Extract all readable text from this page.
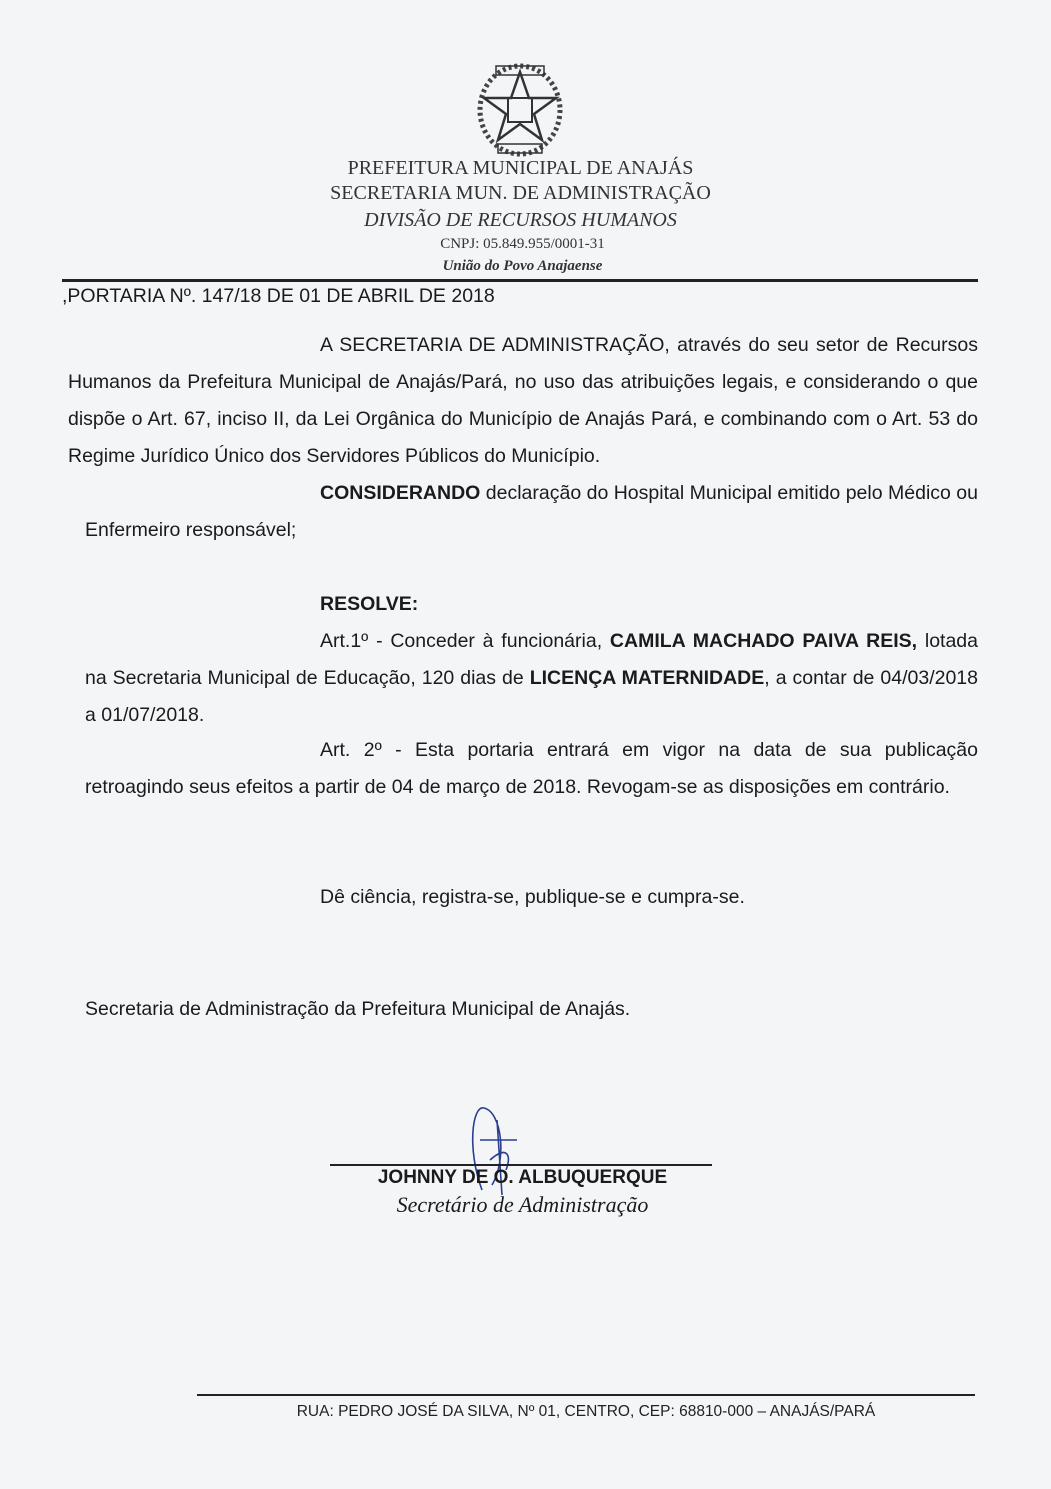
PREFEITURA MUNICIPAL DE ANAJÁS
SECRETARIA MUN. DE ADMINISTRAÇÃO
DIVISÃO DE RECURSOS HUMANOS
CNPJ: 05.849.955/0001-31
União do Povo Anajaense
,PORTARIA Nº. 147/18 DE 01 DE ABRIL DE 2018
A SECRETARIA DE ADMINISTRAÇÃO, através do seu setor de Recursos Humanos da Prefeitura Municipal de Anajás/Pará, no uso das atribuições legais, e considerando o que dispõe o Art. 67, inciso II, da Lei Orgânica do Município de Anajás Pará, e combinando com o Art. 53 do Regime Jurídico Único dos Servidores Públicos do Município.
CONSIDERANDO declaração do Hospital Municipal emitido pelo Médico ou Enfermeiro responsável;
RESOLVE:
Art.1º - Conceder à funcionária, CAMILA MACHADO PAIVA REIS, lotada na Secretaria Municipal de Educação, 120 dias de LICENÇA MATERNIDADE, a contar de 04/03/2018 a 01/07/2018.
Art. 2º - Esta portaria entrará em vigor na data de sua publicação retroagindo seus efeitos a partir de 04 de março de 2018. Revogam-se as disposições em contrário.
Dê ciência, registra-se, publique-se e cumpra-se.
Secretaria de Administração da Prefeitura Municipal de Anajás.
JOHNNY DE O. ALBUQUERQUE
Secretário de Administração
RUA: PEDRO JOSÉ DA SILVA, Nº 01, CENTRO, CEP: 68810-000 – ANAJÁS/PARÁ
